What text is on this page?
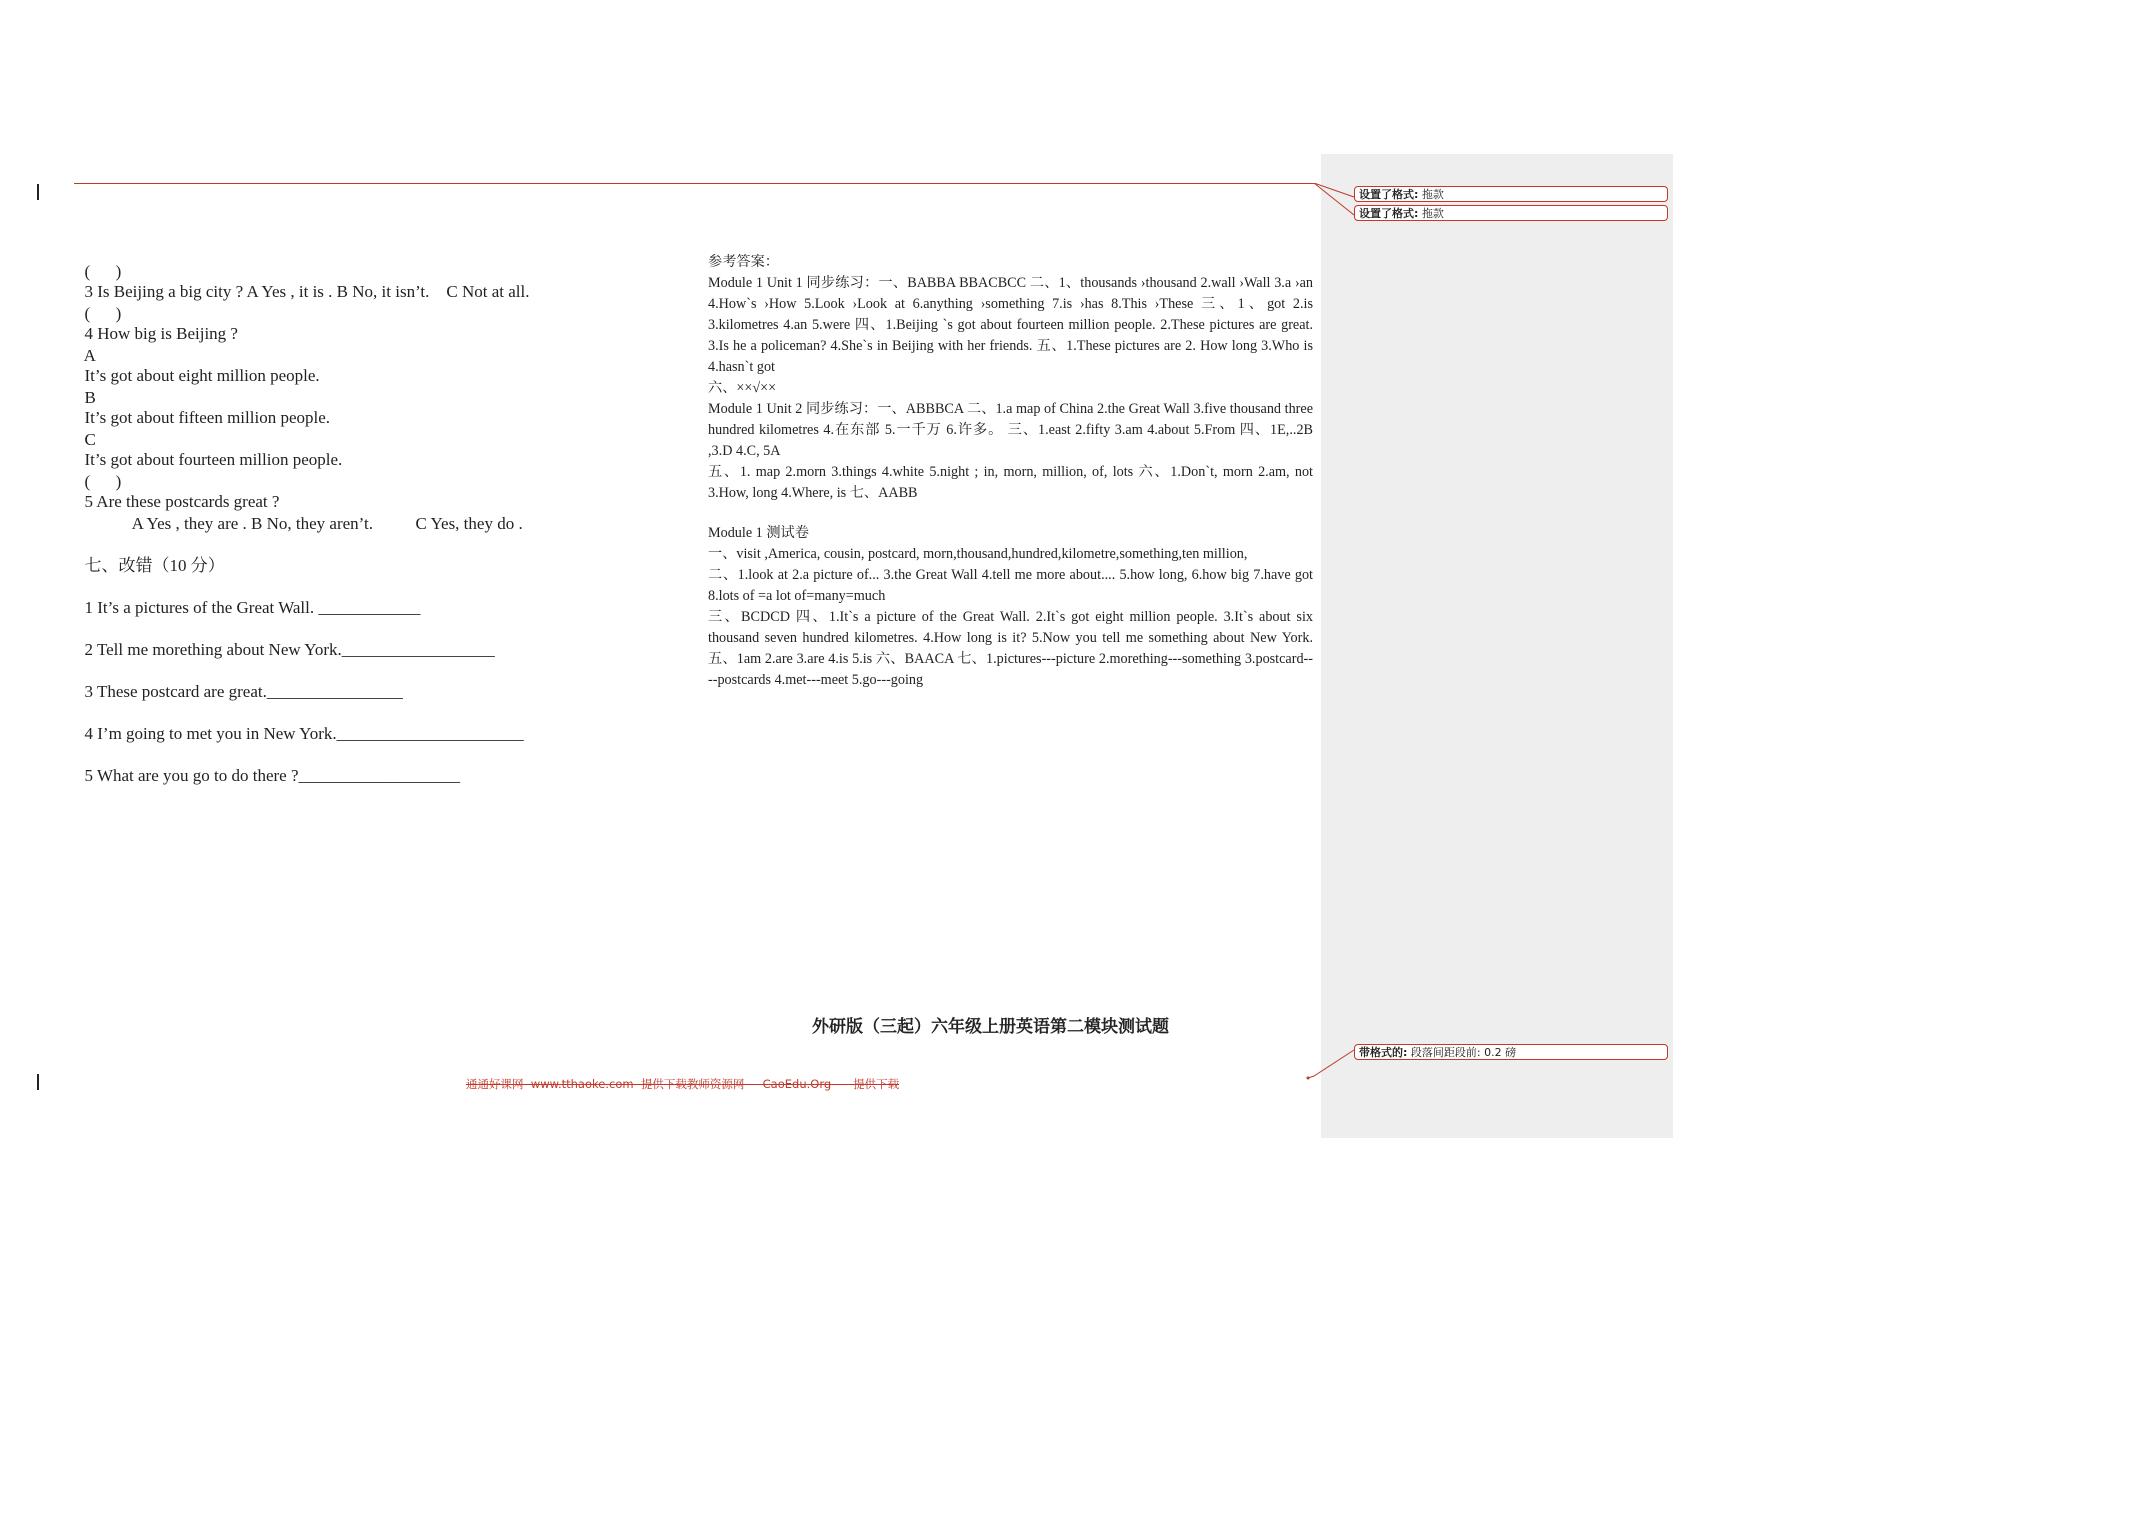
设置了格式: 拖款
设置了格式: 拖款

(      )
3 Is Beijing a big city ? A Yes , it is . B No, it isn’t.    C Not at all.

(      )
4 How big is Beijing ?

A
It’s got about eight million people.

B
It’s got about fifteen million people.

C
It’s got about fourteen million people.

(      )
5 Are these postcards great ?

A Yes , they are . B No, they aren’t.          C Yes, they do .

七、改错（10 分）

1 It’s a pictures of the Great Wall. ____________

2 Tell me morething about New York.__________________

3 These postcard are great.________________

4 I’m going to met you in New York.______________________

5 What are you go to do there ?___________________

参考答案：

Module 1 Unit 1 同步练习：一、BABBA BBACBCC 二、1、thousands ›thousand 2.wall ›Wall 3.a ›an 4.How`s ›How 5.Look ›Look at 6.anything ›something 7.is ›has 8.This ›These 三、1、got 2.is 3.kilometres 4.an 5.were 四、1.Beijing `s got about fourteen million people. 2.These pictures are great. 3.Is he a policeman? 4.She`s in Beijing with her friends. 五、1.These pictures are 2. How long 3.Who is 4.hasn`t got

六、××√××

Module 1 Unit 2 同步练习：一、ABBBCA 二、1.a map of China 2.the Great Wall 3.five thousand three hundred kilometres 4.在东部 5.一千万 6.许多。 三、1.east 2.fifty 3.am 4.about 5.From 四、1E,..2B ,3.D 4.C, 5A

五、1. map 2.morn 3.things 4.white 5.night ; in, morn, million, of, lots 六、1.Don`t, morn 2.am, not 3.How, long 4.Where, is 七、AABB

Module 1 测试卷

一、visit ,America, cousin, postcard, morn,thousand,hundred,kilometre,something,ten million,

二、1.look at 2.a picture of... 3.the Great Wall 4.tell me more about.... 5.how long, 6.how big 7.have got 8.lots of =a lot of=many=much

三、BCDCD 四、1.It`s a picture of the Great Wall. 2.It`s got eight million people. 3.It`s about six thousand seven hundred kilometres. 4.How long is it? 5.Now you tell me something about New York. 五、1am 2.are 3.are 4.is 5.is 六、BAACA 七、1.pictures---picture 2.morething---something 3.postcard----postcards 4.met---meet 5.go---going

外研版（三起）六年级上册英语第二模块测试题
带格式的: 段落间距段前: 0.2 磅
通通好课网  www.tthaoke.com  提供下载教师资源网     CaoEdu.Org      提供下载
